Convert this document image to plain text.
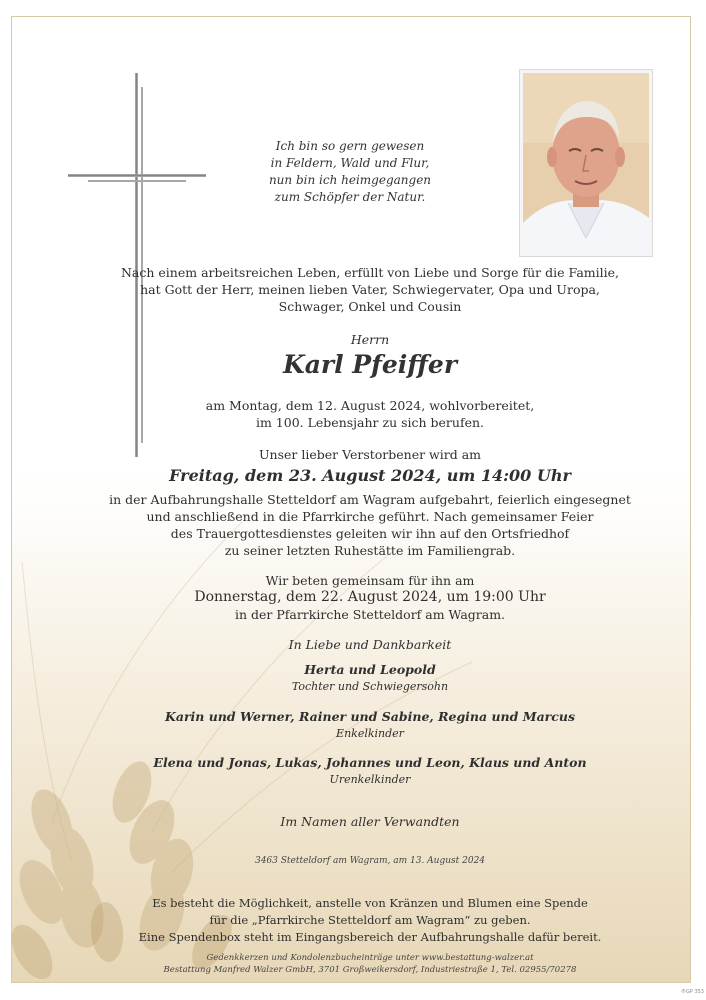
Ich bin so gern gewesen
in Feldern, Wald und Flur,
nun bin ich heimgegangen
zum Schöpfer der Natur.
Nach einem arbeitsreichen Leben, erfüllt von Liebe und Sorge für die Familie,
hat Gott der Herr, meinen lieben Vater, Schwiegervater, Opa und Uropa,
Schwager, Onkel und Cousin
Herrn
Karl Pfeiffer
am Montag, dem 12. August 2024, wohlvorbereitet,
im 100. Lebensjahr zu sich berufen.
Unser lieber Verstorbener wird am
Freitag, dem 23. August 2024, um 14:00 Uhr
in der Aufbahrungshalle Stetteldorf am Wagram aufgebahrt, feierlich eingesegnet
und anschließend in die Pfarrkirche geführt. Nach gemeinsamer Feier
des Trauergottesdienstes geleiten wir ihn auf den Ortsfriedhof
zu seiner letzten Ruhestätte im Familiengrab.
Wir beten gemeinsam für ihn am
Donnerstag, dem 22. August 2024, um 19:00 Uhr
in der Pfarrkirche Stetteldorf am Wagram.
In Liebe und Dankbarkeit
Herta und Leopold
Tochter und Schwiegersohn
Karin und Werner, Rainer und Sabine, Regina und Marcus
Enkelkinder
Elena und Jonas, Lukas, Johannes und Leon, Klaus und Anton
Urenkelkinder
Im Namen aller Verwandten
3463 Stetteldorf am Wagram, am 13. August 2024
Es besteht die Möglichkeit, anstelle von Kränzen und Blumen eine Spende
für die „Pfarrkirche Stetteldorf am Wagram“ zu geben.
Eine Spendenbox steht im Eingangsbereich der Aufbahrungshalle dafür bereit.
Gedenkkerzen und Kondolenzbucheinträge unter www.bestattung-walzer.at
Bestattung Manfred Walzer GmbH, 3701 Großweikersdorf, Industriestraße 1, Tel. 02955/70278
®GP 353
